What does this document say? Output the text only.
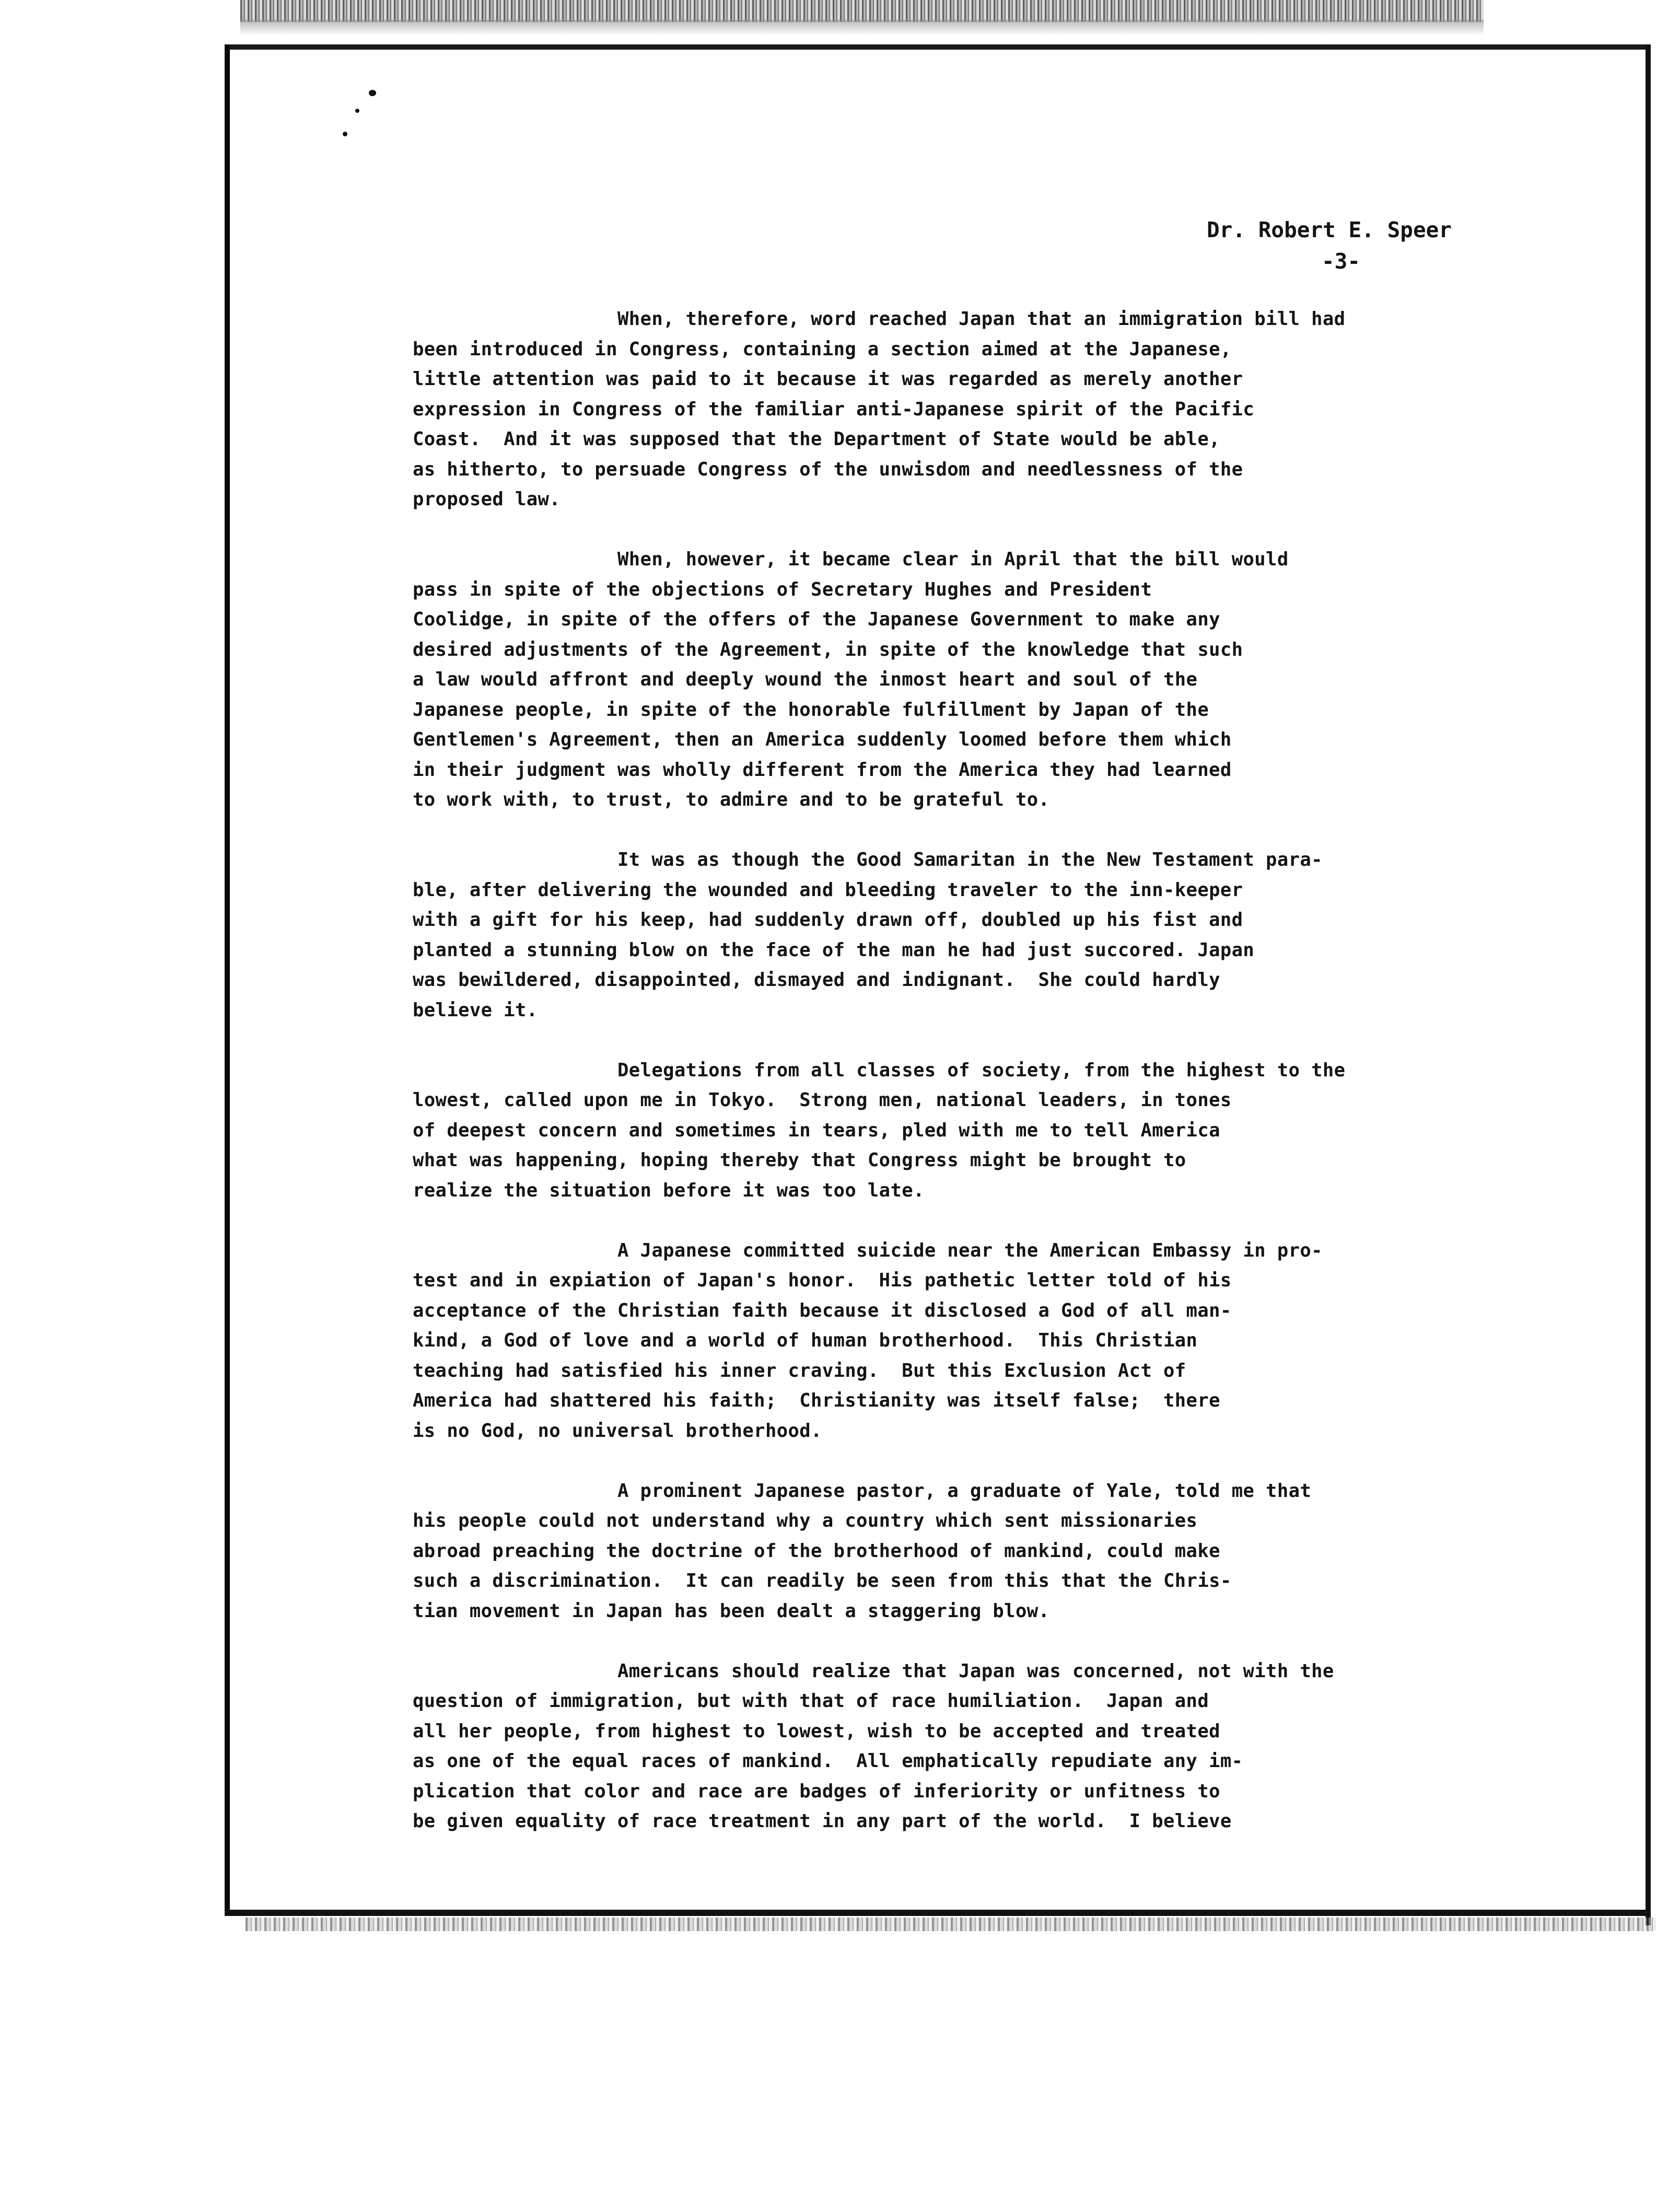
Dr. Robert E. Speer
-3-
When, therefore, word reached Japan that an immigration bill had
been introduced in Congress, containing a section aimed at the Japanese,
little attention was paid to it because it was regarded as merely another
expression in Congress of the familiar anti-Japanese spirit of the Pacific
Coast.  And it was supposed that the Department of State would be able,
as hitherto, to persuade Congress of the unwisdom and needlessness of the
proposed law.
When, however, it became clear in April that the bill would
pass in spite of the objections of Secretary Hughes and President
Coolidge, in spite of the offers of the Japanese Government to make any
desired adjustments of the Agreement, in spite of the knowledge that such
a law would affront and deeply wound the inmost heart and soul of the
Japanese people, in spite of the honorable fulfillment by Japan of the
Gentlemen's Agreement, then an America suddenly loomed before them which
in their judgment was wholly different from the America they had learned
to work with, to trust, to admire and to be grateful to.
It was as though the Good Samaritan in the New Testament para-
ble, after delivering the wounded and bleeding traveler to the inn-keeper
with a gift for his keep, had suddenly drawn off, doubled up his fist and
planted a stunning blow on the face of the man he had just succored. Japan
was bewildered, disappointed, dismayed and indignant.  She could hardly
believe it.
Delegations from all classes of society, from the highest to the
lowest, called upon me in Tokyo.  Strong men, national leaders, in tones
of deepest concern and sometimes in tears, pled with me to tell America
what was happening, hoping thereby that Congress might be brought to
realize the situation before it was too late.
A Japanese committed suicide near the American Embassy in pro-
test and in expiation of Japan's honor.  His pathetic letter told of his
acceptance of the Christian faith because it disclosed a God of all man-
kind, a God of love and a world of human brotherhood.  This Christian
teaching had satisfied his inner craving.  But this Exclusion Act of
America had shattered his faith;  Christianity was itself false;  there
is no God, no universal brotherhood.
A prominent Japanese pastor, a graduate of Yale, told me that
his people could not understand why a country which sent missionaries
abroad preaching the doctrine of the brotherhood of mankind, could make
such a discrimination.  It can readily be seen from this that the Chris-
tian movement in Japan has been dealt a staggering blow.
Americans should realize that Japan was concerned, not with the
question of immigration, but with that of race humiliation.  Japan and
all her people, from highest to lowest, wish to be accepted and treated
as one of the equal races of mankind.  All emphatically repudiate any im-
plication that color and race are badges of inferiority or unfitness to
be given equality of race treatment in any part of the world.  I believe
